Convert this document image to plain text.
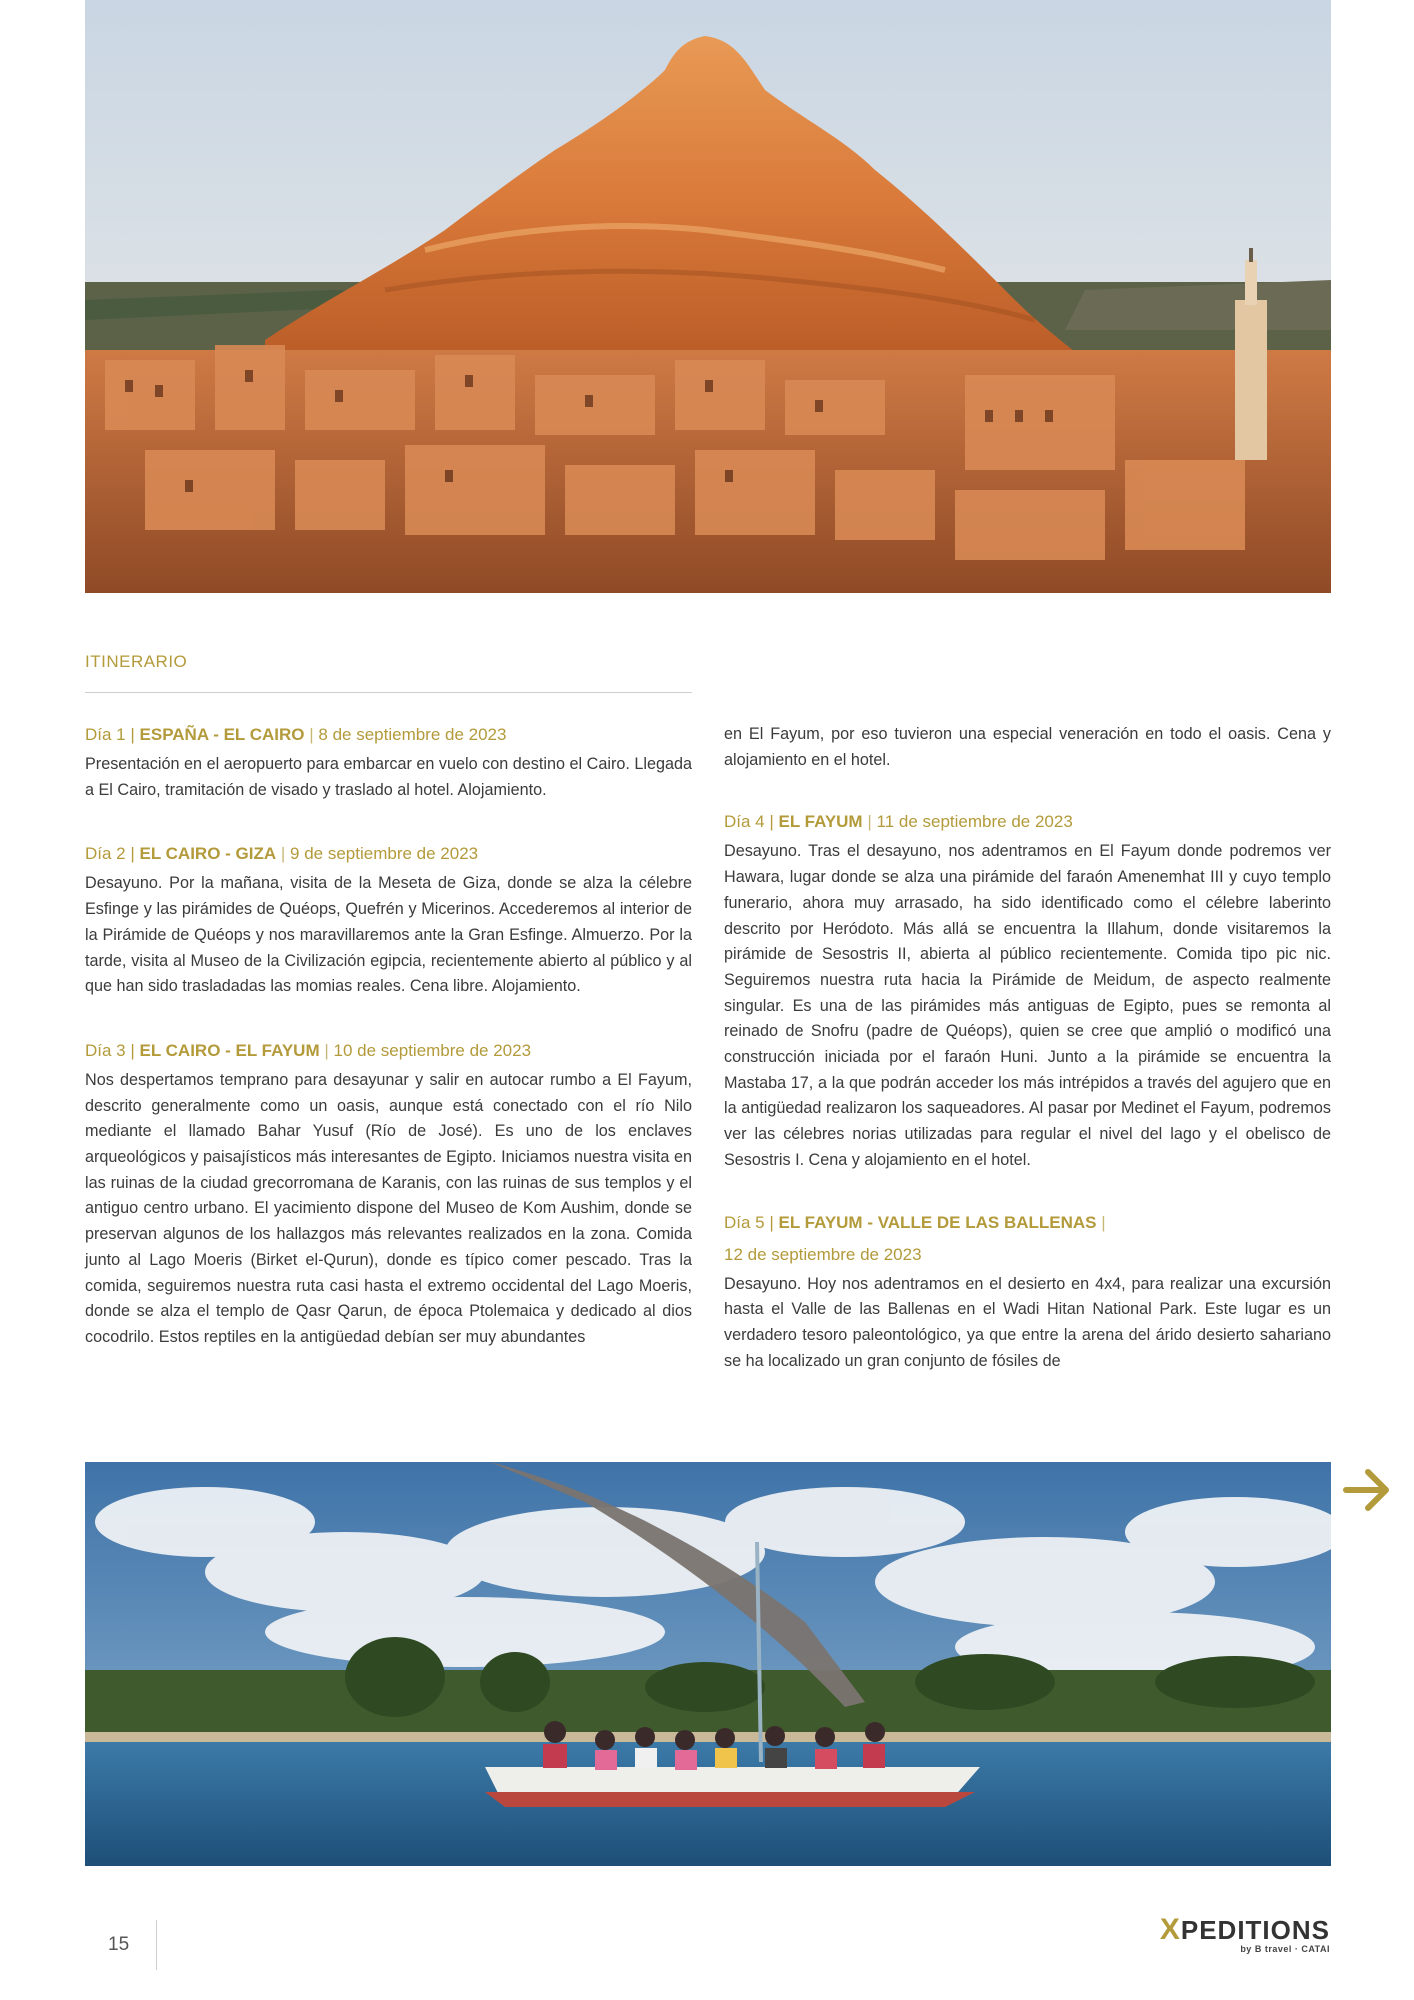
ITINERARIO

Día 1 | ESPAÑA - EL CAIRO | 8 de septiembre de 2023

Presentación en el aeropuerto para embarcar en vuelo con destino el Cairo. Llegada a El Cairo, tramitación de visado y traslado al hotel. Alojamiento.

Día 2 | EL CAIRO - GIZA | 9 de septiembre de 2023

Desayuno. Por la mañana, visita de la Meseta de Giza, donde se alza la célebre Esfinge y las pirámides de Quéops, Quefrén y Micerinos. Accederemos al interior de la Pirámide de Quéops y nos maravillaremos ante la Gran Esfinge. Almuerzo. Por la tarde, visita al Museo de la Civilización egipcia, recientemente abierto al público y al que han sido trasladadas las momias reales. Cena libre. Alojamiento.

Día 3 | EL CAIRO - EL FAYUM | 10 de septiembre de 2023

Nos despertamos temprano para desayunar y salir en autocar rumbo a El Fayum, descrito generalmente como un oasis, aunque está conectado con el río Nilo mediante el llamado Bahar Yusuf (Río de José). Es uno de los enclaves arqueológicos y paisajísticos más interesantes de Egipto. Iniciamos nuestra visita en las ruinas de la ciudad grecorromana de Karanis, con las ruinas de sus templos y el antiguo centro urbano. El yacimiento dispone del Museo de Kom Aushim, donde se preservan algunos de los hallazgos más relevantes realizados en la zona. Comida junto al Lago Moeris (Birket el-Qurun), donde es típico comer pescado. Tras la comida, seguiremos nuestra ruta casi hasta el extremo occidental del Lago Moeris, donde se alza el templo de Qasr Qarun, de época Ptolemaica y dedicado al dios cocodrilo. Estos reptiles en la antigüedad debían ser muy abundantes

en El Fayum, por eso tuvieron una especial veneración en todo el oasis. Cena y alojamiento en el hotel.

Día 4 | EL FAYUM | 11 de septiembre de 2023

Desayuno. Tras el desayuno, nos adentramos en El Fayum donde podremos ver Hawara, lugar donde se alza una pirámide del faraón Amenemhat III y cuyo templo funerario, ahora muy arrasado, ha sido identificado como el célebre laberinto descrito por Heródoto. Más allá se encuentra la Illahum, donde visitaremos la pirámide de Sesostris II, abierta al público recientemente. Comida tipo pic nic. Seguiremos nuestra ruta hacia la Pirámide de Meidum, de aspecto realmente singular. Es una de las pirámides más antiguas de Egipto, pues se remonta al reinado de Snofru (padre de Quéops), quien se cree que amplió o modificó una construcción iniciada por el faraón Huni. Junto a la pirámide se encuentra la Mastaba 17, a la que podrán acceder los más intrépidos a través del agujero que en la antigüedad realizaron los saqueadores. Al pasar por Medinet el Fayum, podremos ver las célebres norias utilizadas para regular el nivel del lago y el obelisco de Sesostris I. Cena y alojamiento en el hotel.

Día 5 | EL FAYUM - VALLE DE LAS BALLENAS |
12 de septiembre de 2023

Desayuno. Hoy nos adentramos en el desierto en 4x4, para realizar una excursión hasta el Valle de las Ballenas en el Wadi Hitan National Park. Este lugar es un verdadero tesoro paleontológico, ya que entre la arena del árido desierto sahariano se ha localizado un gran conjunto de fósiles de

15	XPEDITIONS
by B travel · CATAI
